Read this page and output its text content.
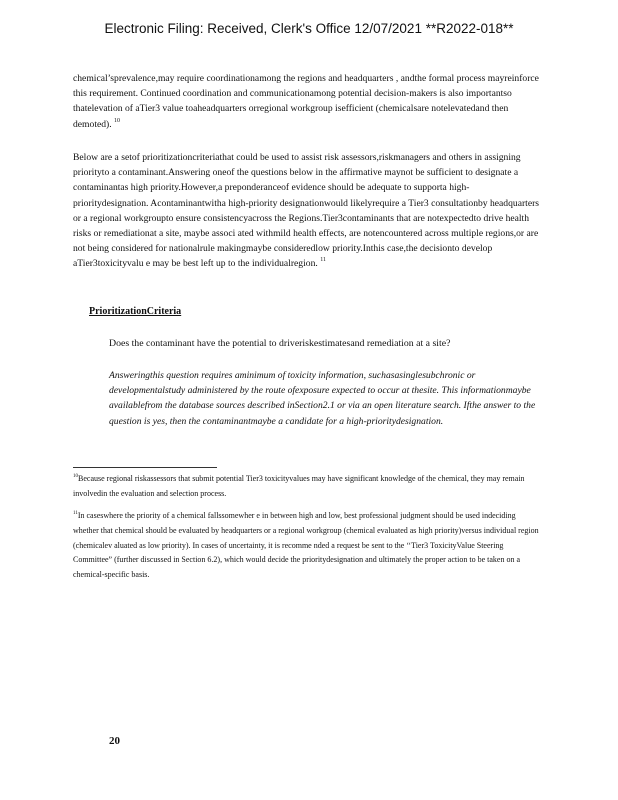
Electronic Filing: Received, Clerk's Office 12/07/2021 **R2022-018**
chemical’sprevalence,may require coordinationamong the regions and headquarters , andthe formal process mayreinforce this requirement. Continued coordination and communicationamong potential decision-makers is also importantso thatelevation of aTier3 value toaheadquarters orregional workgroup isefficient (chemicalsare notelevatedand then demoted). $^{10}$
Below are a setof prioritizationcriteriathat could be used to assist risk assessors,riskmanagers and others in assigning priorityto a contaminant.Answering oneof the questions below in the affirmative maynot be sufficient to designate a contaminantas high priority.However,a preponderanceof evidence should be adequate to supporta high-prioritydesignation. Acontaminantwitha high-priority designationwould likelyrequire a Tier3 consultationby headquarters or a regional workgroupto ensure consistencyacross the Regions.Tier3contaminants that are notexpectedto drive health risks or remediationat a site, maybe associ ated withmild health effects, are notencountered across multiple regions,or are not being considered for nationalrule makingmaybe consideredlow priority.Inthis case,the decisionto develop aTier3toxicityvalu e may be best left up to the individualregion. $^{11}$
PrioritizationCriteria
Does the contaminant have the potential to driveriskestimatesand remediation at a site?
Answeringthis question requires aminimum of toxicity information, suchasasinglesubchronic or developmentalstudy administered by the route ofexposure expected to occur at thesite. This informationmaybe availablefrom the database sources described inSection2.1 or via an open literature search. Ifthe answer to the question is yes, then the contaminantmaybe a candidate for a high-prioritydesignation.
$^{10}$Because regional riskassessors that submit potential Tier3 toxicityvalues may have significant knowledge of the chemical, they may remain involvedin the evaluation and selection process.
$^{11}$In caseswhere the priority of a chemical fallssomewher e in between high and low, best professional judgment should be used indeciding whether that chemical should be evaluated by headquarters or a regional workgroup (chemical evaluated as high priority)versus individual region (chemicalev aluated as low priority). In cases of uncertainty, it is recomme nded a request be sent to the ‘‘Tier3 ToxicityValue Steering Committee” (further discussed in Section 6.2), which would decide the prioritydesignation and ultimately the proper action to be taken on a chemical-specific basis.
20
